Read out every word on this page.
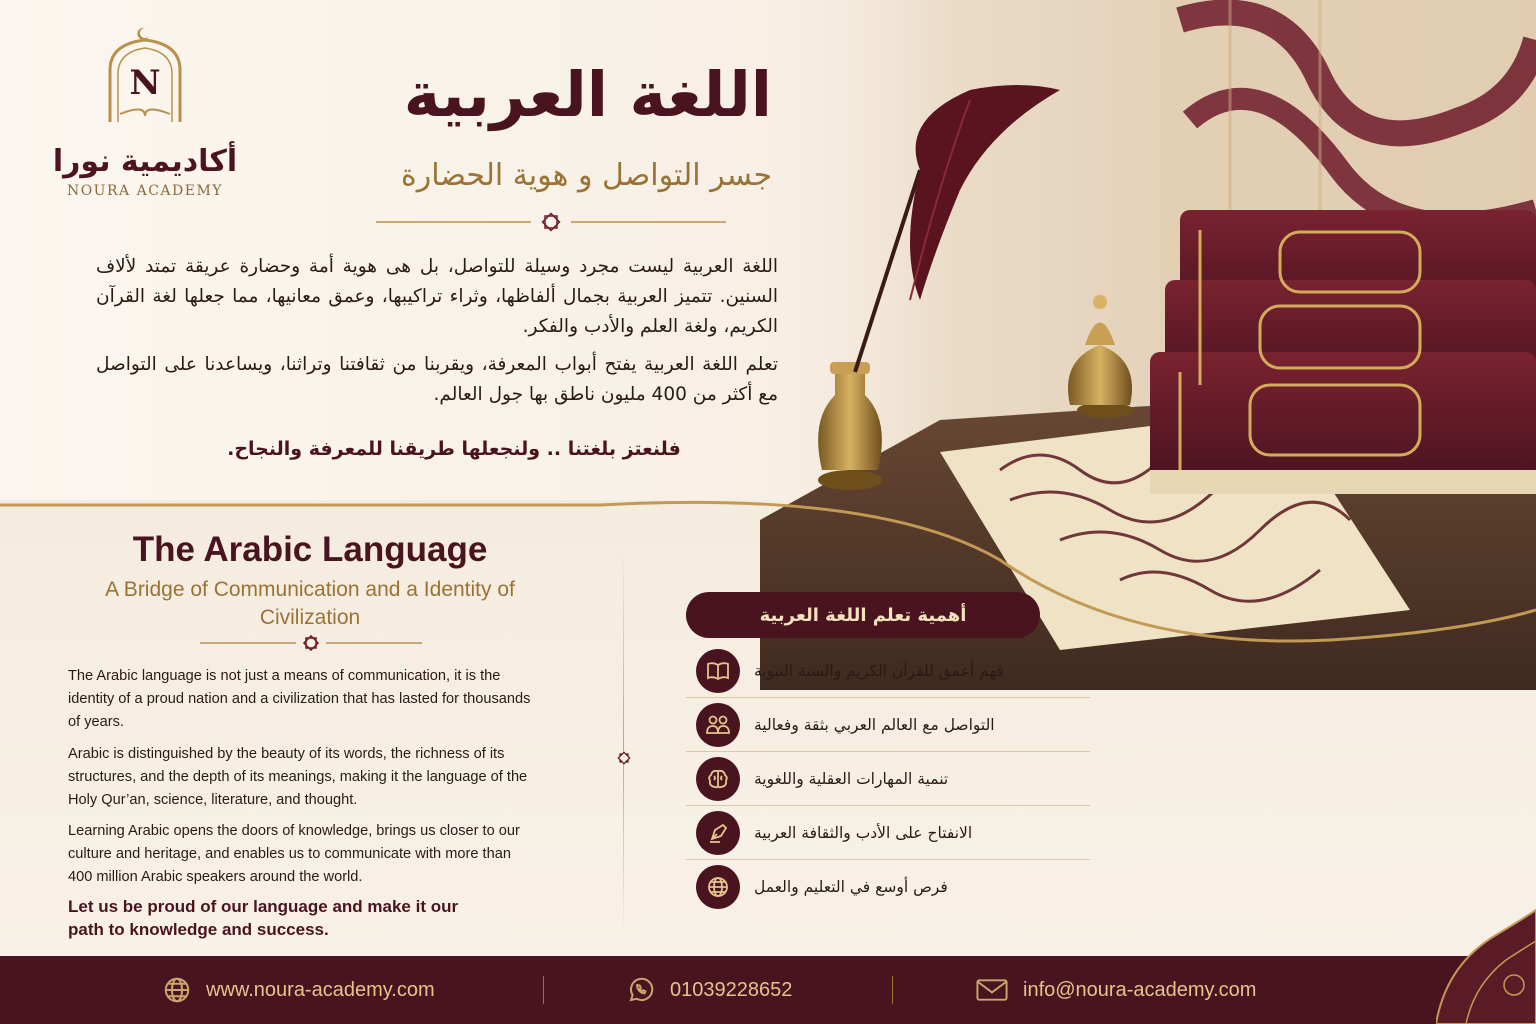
N
أكاديمية نورا
NOURA ACADEMY
اللغة العربية
جسر التواصل و هوية الحضارة

اللغة العربية ليست مجرد وسيلة للتواصل، بل هى هوية أمة وحضارة عريقة تمتد لألاف السنين. تتميز العربية بجمال ألفاظها، وثراء تراكيبها، وعمق معانيها، مما جعلها لغة القرآن الكريم، ولغة العلم والأدب والفكر.

تعلم اللغة العربية يفتح أبواب المعرفة، ويقربنا من ثقافتنا وتراثنا، ويساعدنا على التواصل مع أكثر من 400 مليون ناطق بها جول العالم.

فلنعتز بلغتنا .. ولنجعلها طريقنا للمعرفة والنجاح.
The Arabic Language
A Bridge of Communication and a Identity of Civilization

The Arabic language is not just a means of communication, it is the identity of a proud nation and a civilization that has lasted for thousands of years.

Arabic is distinguished by the beauty of its words, the richness of its structures, and the depth of its meanings, making it the language of the Holy Qur’an, science, literature, and thought.

Learning Arabic opens the doors of knowledge, brings us closer to our culture and heritage, and enables us to communicate with more than 400 million Arabic speakers around the world.

Let us be proud of our language and make it our path to knowledge and success.
أهمية تعلم اللغة العربية
فهم أعمق للقرآن الكريم والسنة النبوية
التواصل مع العالم العربي بثقة وفعالية
تنمية المهارات العقلية واللغوية
الانفتاح على الأدب والثقافة العربية
فرص أوسع في التعليم والعمل
www.noura-academy.com	01039228652	info@noura-academy.com
